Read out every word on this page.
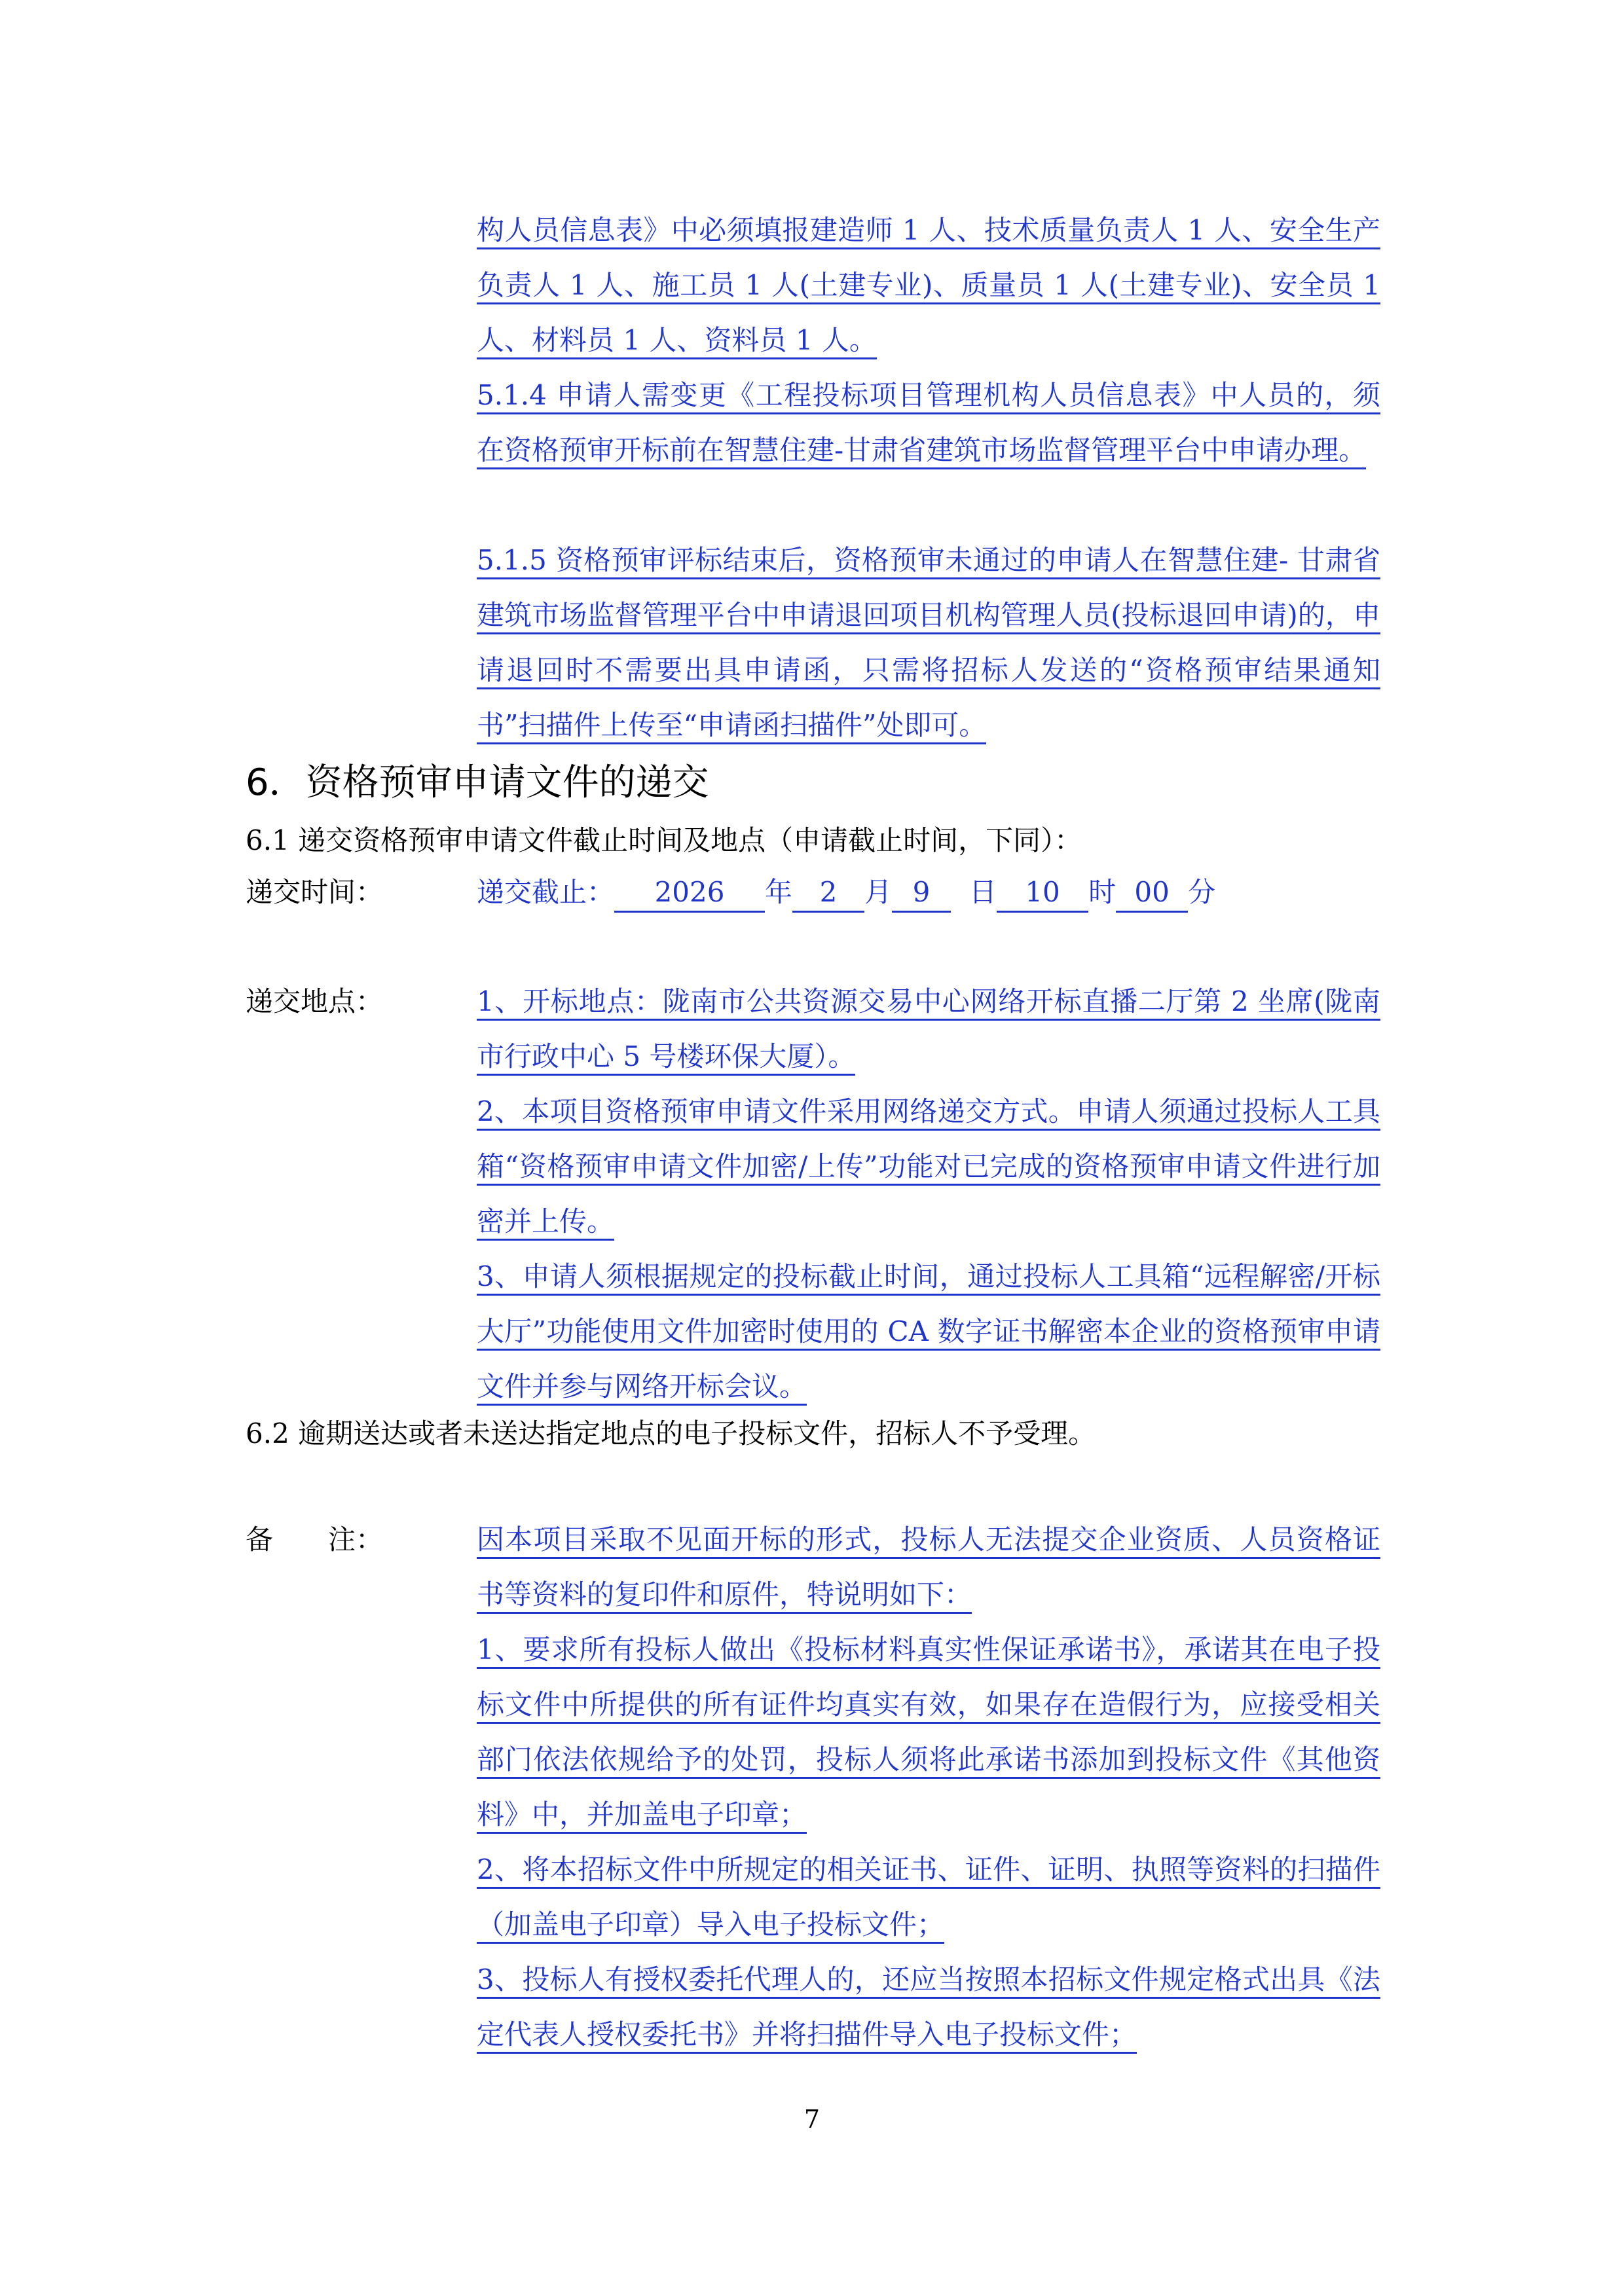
构人员信息表》中必须填报建造师 1 人、技术质量负责人 1 人、安全生产负责人 1 人、施工员 1 人(土建专业)、质量员 1 人(土建专业)、安全员 1 人、材料员 1 人、资料员 1 人。
5.1.4 申请人需变更《工程投标项目管理机构人员信息表》中人员的，须在资格预审开标前在智慧住建-甘肃省建筑市场监督管理平台中申请办理。
5.1.5 资格预审评标结束后，资格预审未通过的申请人在智慧住建- 甘肃省建筑市场监督管理平台中申请退回项目机构管理人员(投标退回申请)的，申请退回时不需要出具申请函，只需将招标人发送的“资格预审结果通知书”扫描件上传至“申请函扫描件”处即可。
6．资格预审申请文件的递交
6.1 递交资格预审申请文件截止时间及地点（申请截止时间，下同）：
递交时间：	递交截止： 2026 年 2 月 9 日 10 时 00 分
递交地点：	1、开标地点：陇南市公共资源交易中心网络开标直播二厅第 2 坐席(陇南市行政中心 5 号楼环保大厦）。
2、本项目资格预审申请文件采用网络递交方式。申请人须通过投标人工具箱“资格预审申请文件加密/上传”功能对已完成的资格预审申请文件进行加密并上传。
3、申请人须根据规定的投标截止时间，通过投标人工具箱“远程解密/开标大厅”功能使用文件加密时使用的 CA 数字证书解密本企业的资格预审申请文件并参与网络开标会议。
6.2 逾期送达或者未送达指定地点的电子投标文件，招标人不予受理。
备　　注：	因本项目采取不见面开标的形式，投标人无法提交企业资质、人员资格证书等资料的复印件和原件，特说明如下：
1、要求所有投标人做出《投标材料真实性保证承诺书》，承诺其在电子投标文件中所提供的所有证件均真实有效，如果存在造假行为，应接受相关部门依法依规给予的处罚，投标人须将此承诺书添加到投标文件《其他资料》中，并加盖电子印章；
2、将本招标文件中所规定的相关证书、证件、证明、执照等资料的扫描件（加盖电子印章）导入电子投标文件；
3、投标人有授权委托代理人的，还应当按照本招标文件规定格式出具《法定代表人授权委托书》并将扫描件导入电子投标文件；
7
